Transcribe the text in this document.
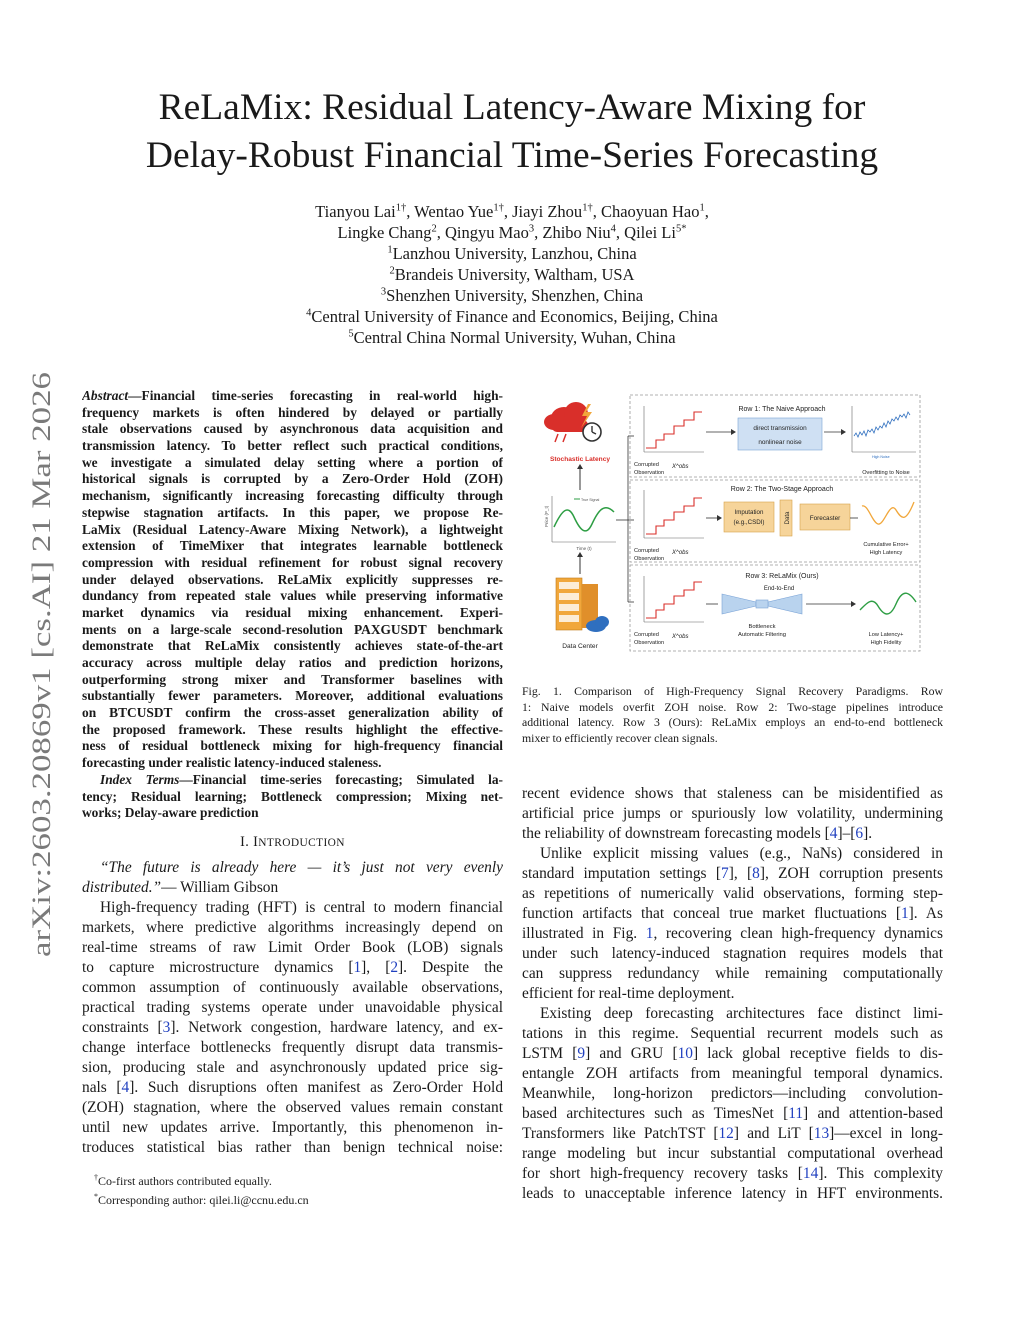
arXiv:2603.20869v1 [cs.AI] 21 Mar 2026
ReLaMix: Residual Latency-Aware Mixing for
Delay-Robust Financial Time-Series Forecasting
Tianyou Lai$^{1\dagger}$, Wentao Yue$^{1\dagger}$, Jiayi Zhou$^{1\dagger}$, Chaoyuan Hao$^1$,
Lingke Chang$^2$, Qingyu Mao$^3$, Zhibo Niu$^4$, Qilei $Li^{5*}$
$^1$Lanzhou University, Lanzhou, China
$^2$Brandeis University, Waltham, USA
$^3$Shenzhen University, Shenzhen, China
$^4$Central University of Finance and Economics, Beijing, China
$^5$Central China Normal University, Wuhan, China
Abstract—Financial time-series forecasting in real-world high-
frequency markets is often hindered by delayed or partially
stale observations caused by asynchronous data acquisition and
transmission latency. To better reflect such practical conditions,
we investigate a simulated delay setting where a portion of
historical signals is corrupted by a Zero-Order Hold (ZOH)
mechanism, significantly increasing forecasting difficulty through
stepwise stagnation artifacts. In this paper, we propose Re-
LaMix (Residual Latency-Aware Mixing Network), a lightweight
extension of TimeMixer that integrates learnable bottleneck
compression with residual refinement for robust signal recovery
under delayed observations. ReLaMix explicitly suppresses re-
dundancy from repeated stale values while preserving informative
market dynamics via residual mixing enhancement. Experi-
ments on a large-scale second-resolution PAXGUSDT benchmark
demonstrate that ReLaMix consistently achieves state-of-the-art
accuracy across multiple delay ratios and prediction horizons,
outperforming strong mixer and Transformer baselines with
substantially fewer parameters. Moreover, additional evaluations
on BTCUSDT confirm the cross-asset generalization ability of
the proposed framework. These results highlight the effective-
ness of residual bottleneck mixing for high-frequency financial
forecasting under realistic latency-induced staleness.
Index Terms—Financial time-series forecasting; Simulated la-
tency; Residual learning; Bottleneck compression; Mixing net-
works; Delay-aware prediction
I. INTRODUCTION
“The future is already here — it’s just not very evenly
distributed.”— William Gibson
High-frequency trading (HFT) is central to modern financial
markets, where predictive algorithms increasingly depend on
real-time streams of raw Limit Order Book (LOB) signals
to capture microstructure dynamics [1], [2]. Despite the
common assumption of continuously available observations,
practical trading systems operate under unavoidable physical
constraints [3]. Network congestion, hardware latency, and ex-
change interface bottlenecks frequently disrupt data transmis-
sion, producing stale and asynchronously updated price sig-
nals [4]. Such disruptions often manifest as Zero-Order Hold
(ZOH) stagnation, where the observed values remain constant
until new updates arrive. Importantly, this phenomenon in-
troduces statistical bias rather than benign technical noise:
†Co-first authors contributed equally.
*Corresponding author: qilei.li@ccnu.edu.cn
Stochastic Latency
True Signal
Price (P_t)
Time (t)
Data Center
Row 1: The Naive Approach
Corrupted
Observation
X^obs
direct transmission
nonlinear noise
High Noise
Overfitting to Noise
Row 2: The Two-Stage Approach
Corrupted
Observation
X^obs
Imputation
(e.g.,CSDI)	Data	Forecaster
Cumulative Error+
High Latency
Row 3: ReLaMix (Ours)
Corrupted
Observation
X^obs
End-to-End
Bottleneck
Automatic Filtering	Low Latency+
High Fidelity
Fig. 1. Comparison of High-Frequency Signal Recovery Paradigms. Row
1: Naive models overfit ZOH noise. Row 2: Two-stage pipelines introduce
additional latency. Row 3 (Ours): ReLaMix employs an end-to-end bottleneck
mixer to efficiently recover clean signals.
recent evidence shows that staleness can be misidentified as
artificial price jumps or spuriously low volatility, undermining
the reliability of downstream forecasting models [4]–[6].
Unlike explicit missing values (e.g., NaNs) considered in
standard imputation settings [7], [8], ZOH corruption presents
as repetitions of numerically valid observations, forming step-
function artifacts that conceal true market fluctuations [1]. As
illustrated in Fig. 1, recovering clean high-frequency dynamics
under such latency-induced stagnation requires models that
can suppress redundancy while remaining computationally
efficient for real-time deployment.
Existing deep forecasting architectures face distinct limi-
tations in this regime. Sequential recurrent models such as
LSTM [9] and GRU [10] lack global receptive fields to dis-
entangle ZOH artifacts from meaningful temporal dynamics.
Meanwhile, long-horizon predictors—including convolution-
based architectures such as TimesNet [11] and attention-based
Transformers like PatchTST [12] and LiT [13]—excel in long-
range modeling but incur substantial computational overhead
for short high-frequency recovery tasks [14]. This complexity
leads to unacceptable inference latency in HFT environments.
